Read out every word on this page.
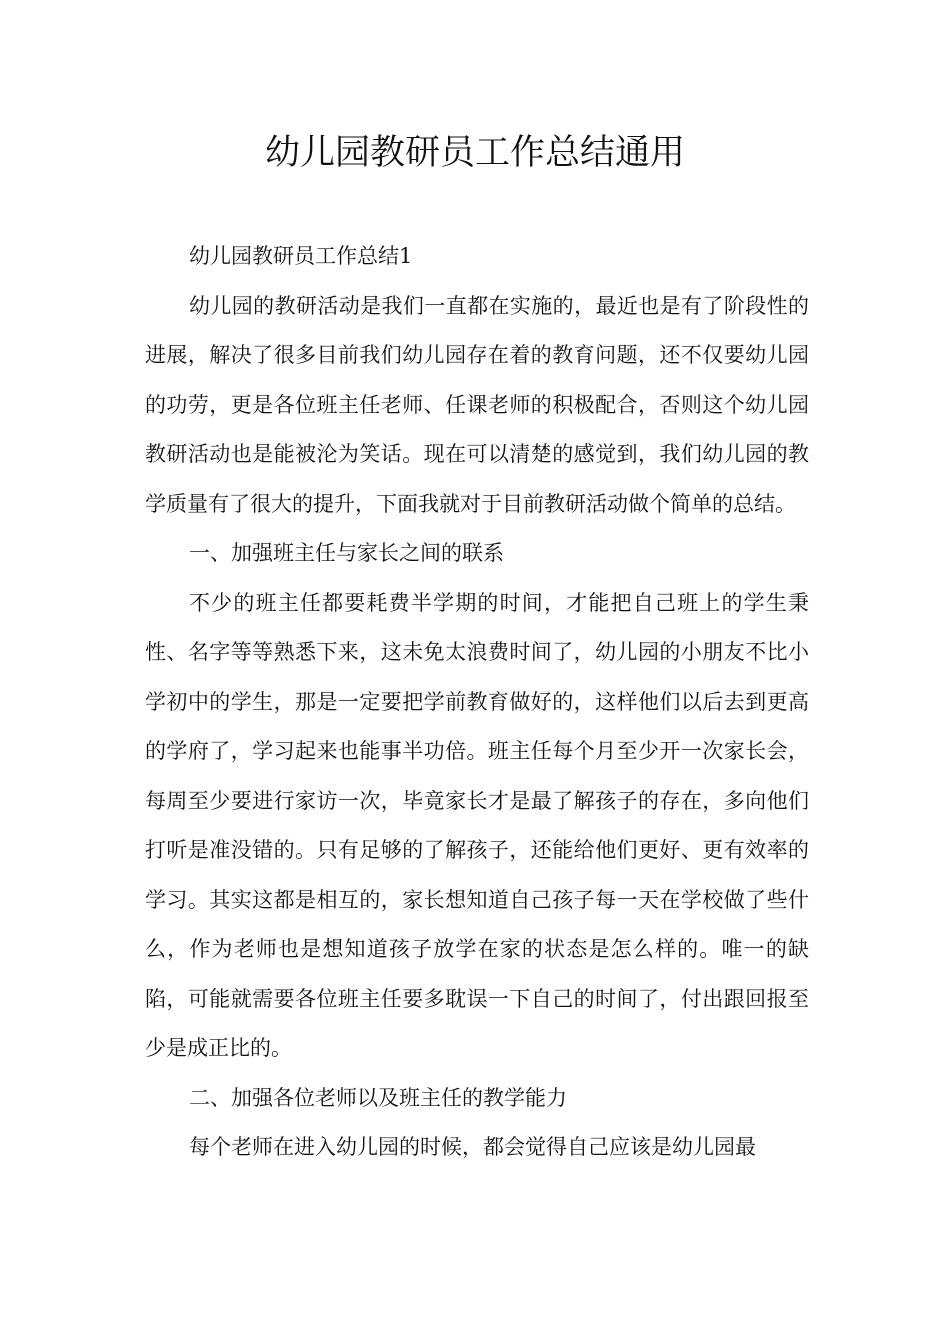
幼儿园教研员工作总结通用

幼儿园教研员工作总结1

幼儿园的教研活动是我们一直都在实施的，最近也是有了阶段性的进展，解决了很多目前我们幼儿园存在着的教育问题，还不仅要幼儿园的功劳，更是各位班主任老师、任课老师的积极配合，否则这个幼儿园教研活动也是能被沦为笑话。现在可以清楚的感觉到，我们幼儿园的教学质量有了很大的提升，下面我就对于目前教研活动做个简单的总结。

一、加强班主任与家长之间的联系

不少的班主任都要耗费半学期的时间，才能把自己班上的学生秉性、名字等等熟悉下来，这未免太浪费时间了，幼儿园的小朋友不比小学初中的学生，那是一定要把学前教育做好的，这样他们以后去到更高的学府了，学习起来也能事半功倍。班主任每个月至少开一次家长会，每周至少要进行家访一次，毕竟家长才是最了解孩子的存在，多向他们打听是准没错的。只有足够的了解孩子，还能给他们更好、更有效率的学习。其实这都是相互的，家长想知道自己孩子每一天在学校做了些什么，作为老师也是想知道孩子放学在家的状态是怎么样的。唯一的缺陷，可能就需要各位班主任要多耽误一下自己的时间了，付出跟回报至少是成正比的。

二、加强各位老师以及班主任的教学能力

每个老师在进入幼儿园的时候，都会觉得自己应该是幼儿园最
